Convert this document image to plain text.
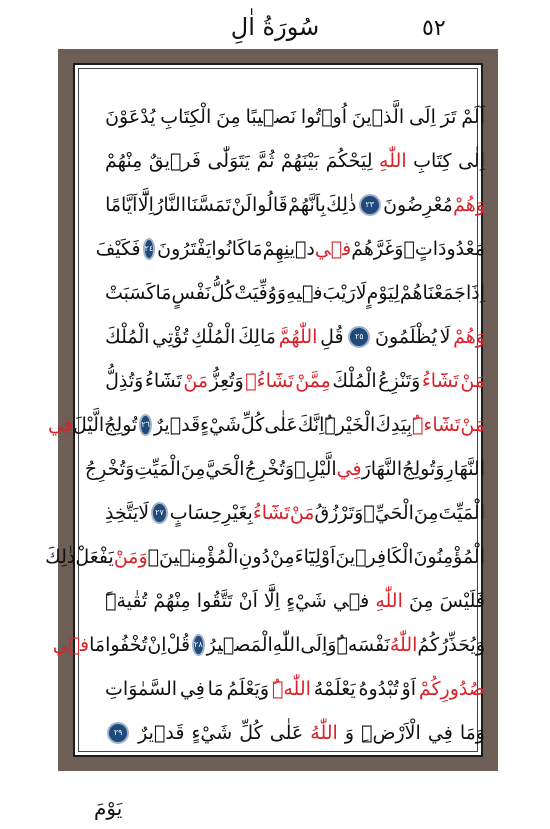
سُورَةُ اٰلِ	٥٢
اَلَمْ
تَرَ
اِلَى
الَّذ۪ينَ
اُو۫تُوا
نَص۪يبًا
مِنَ
الْكِتَابِ
يُدْعَوْنَ
اِلٰى
كِتَابِ
اللّٰهِ
لِيَحْكُمَ
بَيْنَهُمْ
ثُمَّ
يَتَوَلّٰى
فَر۪يقٌ
مِنْهُمْ
وَهُمْ
مُعْرِضُونَ
٢٣
ذٰلِكَ
بِاَنَّهُمْ
قَالُوا
لَنْ
تَمَسَّنَا
النَّارُ
اِلَّٓا
اَيَّامًا
مَعْدُودَاتٍۖ
وَغَرَّهُمْ
ف۪ي
د۪ينِهِمْ
مَا
كَانُوا
يَفْتَرُونَ
٢٤
فَكَيْفَ
اِذَا
جَمَعْنَاهُمْ
لِيَوْمٍ
لَا
رَيْبَ
ف۪يهِ
وَوُفِّيَتْ
كُلُّ
نَفْسٍ
مَا
كَسَبَتْ
وَهُمْ
لَا
يُظْلَمُونَ
٢٥
قُلِ
اللّٰهُمَّ
مَالِكَ
الْمُلْكِ
تُؤْتِي
الْمُلْكَ
مَنْ
تَشَٓاءُ
وَتَنْزِعُ
الْمُلْكَ
مِمَّنْ
تَشَٓاءُۘ
وَتُعِزُّ
مَنْ
تَشَٓاءُ
وَتُذِلُّ
مَنْ
تَشَٓاءُۜ
بِيَدِكَ
الْخَيْرُۜ
اِنَّكَ
عَلٰى
كُلِّ
شَيْءٍ
قَد۪يرٌ
٢٦
تُولِجُ
الَّيْلَ
فِي
النَّهَارِ
وَتُولِجُ
النَّهَارَ
فِي
الَّيْلِۘ
وَتُخْرِجُ
الْحَيَّ
مِنَ
الْمَيِّتِ
وَتُخْرِجُ
الْمَيِّتَ
مِنَ
الْحَيِّۘ
وَتَرْزُقُ
مَنْ
تَشَٓاءُ
بِغَيْرِ
حِسَابٍ
٢٧
لَا
يَتَّخِذِ
الْمُؤْمِنُونَ
الْكَافِر۪ينَ
اَوْلِيَٓاءَ
مِنْ
دُونِ
الْمُؤْمِن۪ينَۚ
وَمَنْ
يَفْعَلْ
ذٰلِكَ
فَلَيْسَ
مِنَ
اللّٰهِ
ف۪ي
شَيْءٍ
اِلَّٓا
اَنْ
تَتَّقُوا
مِنْهُمْ
تُقٰيةًۜ
وَيُحَذِّرُكُمُ
اللّٰهُ
نَفْسَهُۜ
وَاِلَى
اللّٰهِ
الْمَص۪يرُ
٢٨
قُلْ
اِنْ
تُخْفُوا
مَا
ف۪ي
صُدُورِكُمْ
اَوْ
تُبْدُوهُ
يَعْلَمْهُ
اللّٰهُۜ
وَيَعْلَمُ
مَا
فِي
السَّمٰوَاتِ
وَمَا
فِي
الْاَرْضِۜ
وَ
اللّٰهُ
عَلٰى
كُلِّ
شَيْءٍ
قَد۪يرٌ
٢٩
يَوْمَ
